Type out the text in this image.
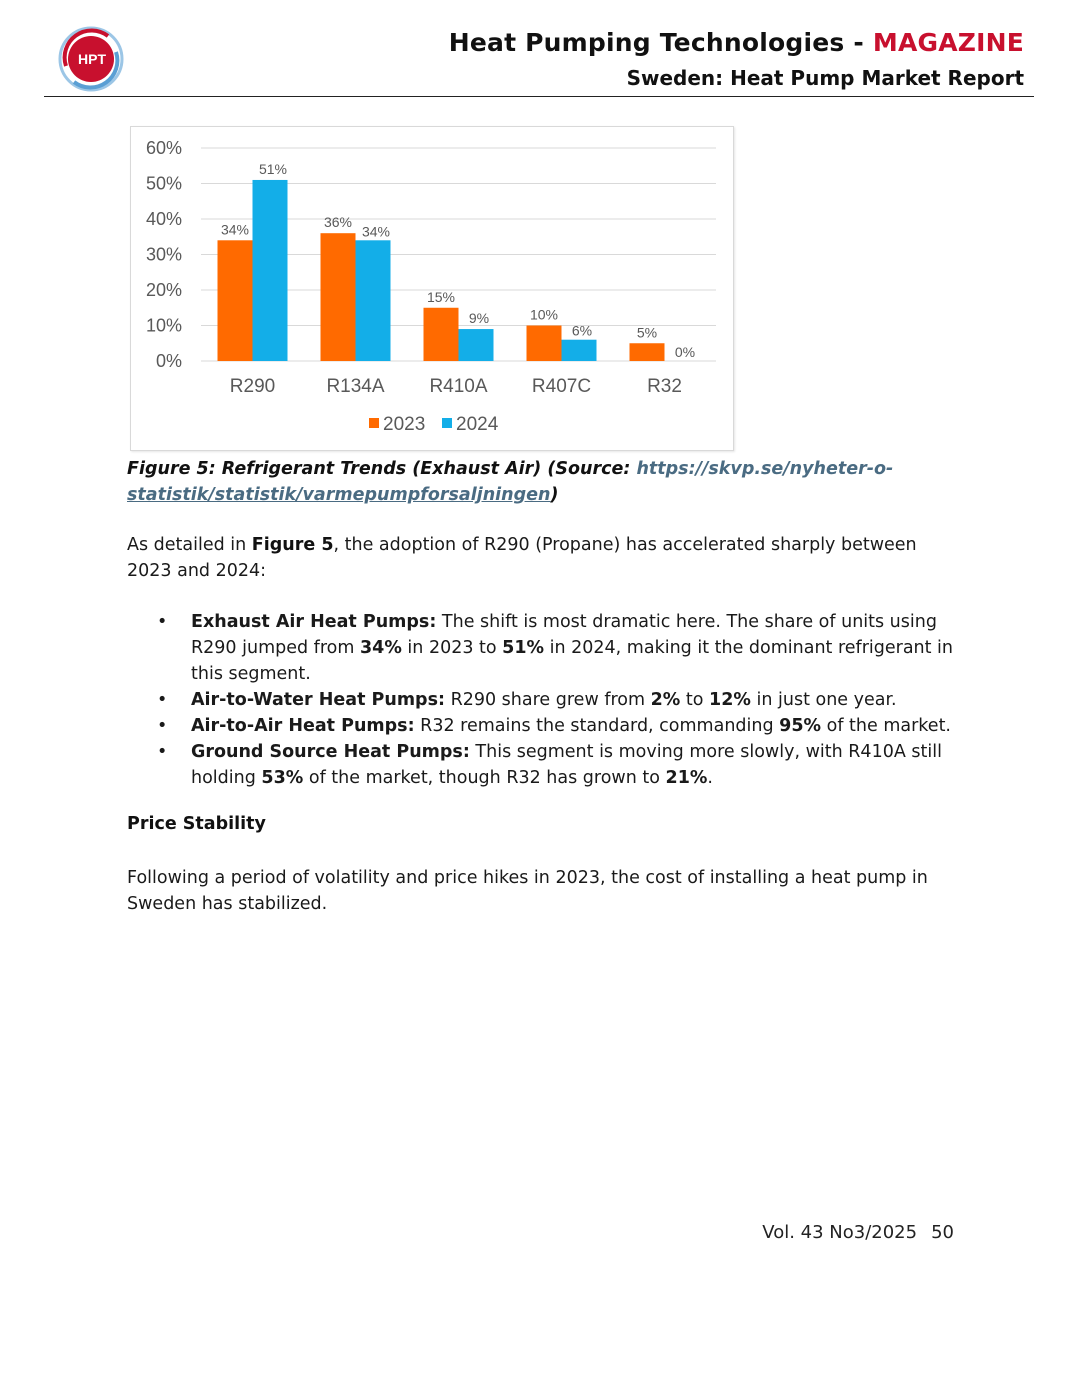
HPT
Heat Pumping Technologies - MAGAZINE
Sweden: Heat Pump Market Report
0%
10%
20%
30%
40%
50%
60%
34%
51%
R290
36%
34%
R134A
15%
9%
R410A
10%
6%
R407C
5%
0%
R32
2023 2024
Figure 5: Refrigerant Trends (Exhaust Air) (Source: https://skvp.se/nyheter-o-
statistik/statistik/varmepumpforsaljningen)
As detailed in Figure 5, the adoption of R290 (Propane) has accelerated sharply between 2023 and 2024:
• Exhaust Air Heat Pumps: The shift is most dramatic here. The share of units using R290 jumped from 34% in 2023 to 51% in 2024, making it the dominant refrigerant in this segment.
• Air-to-Water Heat Pumps: R290 share grew from 2% to 12% in just one year.
• Air-to-Air Heat Pumps: R32 remains the standard, commanding 95% of the market.
• Ground Source Heat Pumps: This segment is moving more slowly, with R410A still holding 53% of the market, though R32 has grown to 21%.
Price Stability
Following a period of volatility and price hikes in 2023, the cost of installing a heat pump in Sweden has stabilized.
Vol. 43 No3/2025 50
